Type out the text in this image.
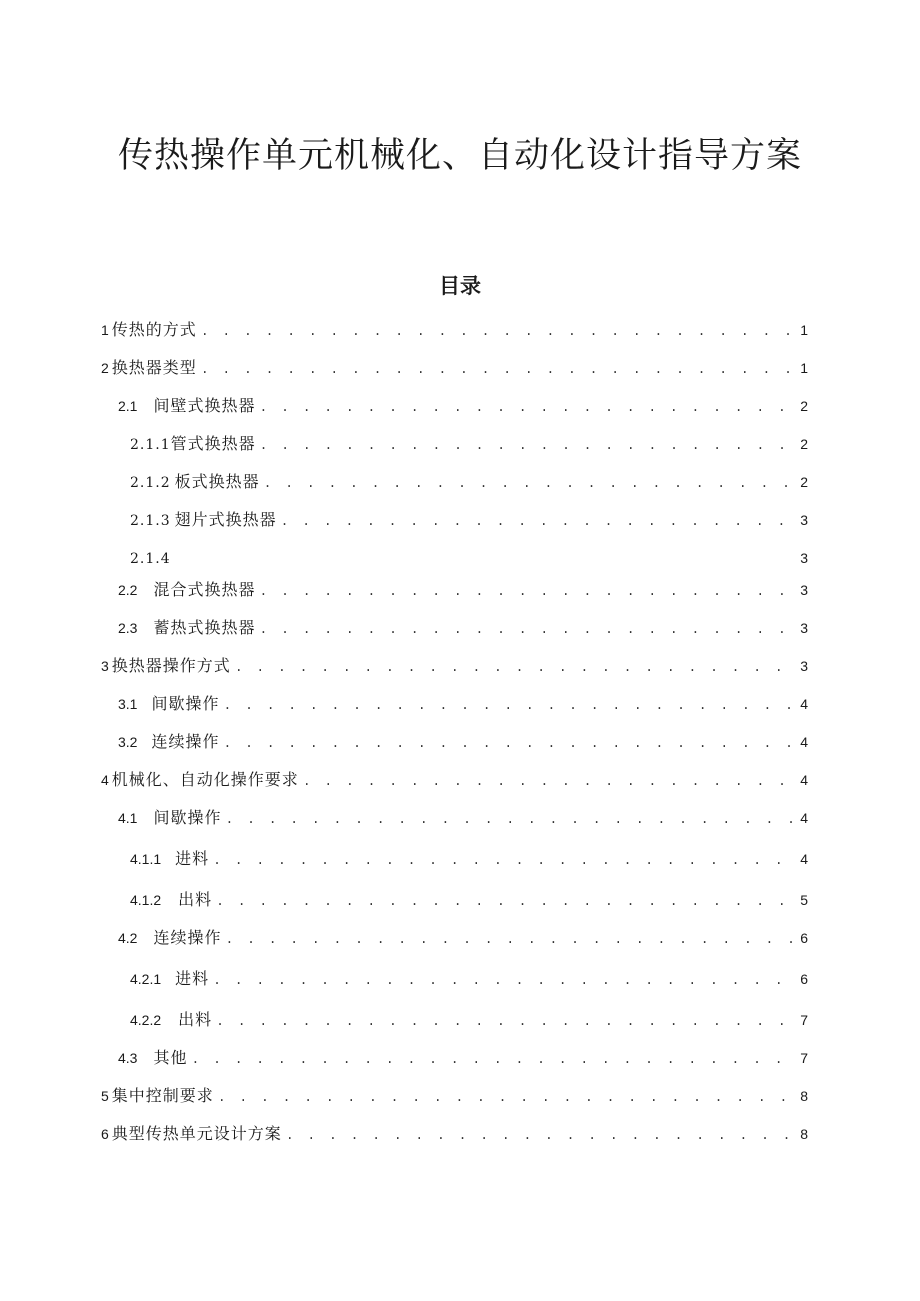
传热操作单元机械化、自动化设计指导方案
目录
1 传热的方式 . . .	1
2 换热器类型 . . .	1
2.1 间壁式换热器 . . .	2
2.1.1 管式换热器 . . .	2
2.1.2 板式换热器 . . .	2
2.1.3 翅片式换热器 . . .	3
2.1.4	3
2.2 混合式换热器 . . .	3
2.3 蓄热式换热器 . . .	3
3 换热器操作方式 . . .	3
3.1 间歇操作 . . .	4
3.2 连续操作 . . .	4
4 机械化、自动化操作要求 . . .	4
4.1 间歇操作 . . .	4
4.1.1 进料 . . .	4
4.1.2 出料 . . .	5
4.2 连续操作 . . .	6
4.2.1 进料 . . .	6
4.2.2 出料 . . .	7
4.3 其他 . . .	7
5 集中控制要求 . . .	8
6 典型传热单元设计方案 . . .	8
